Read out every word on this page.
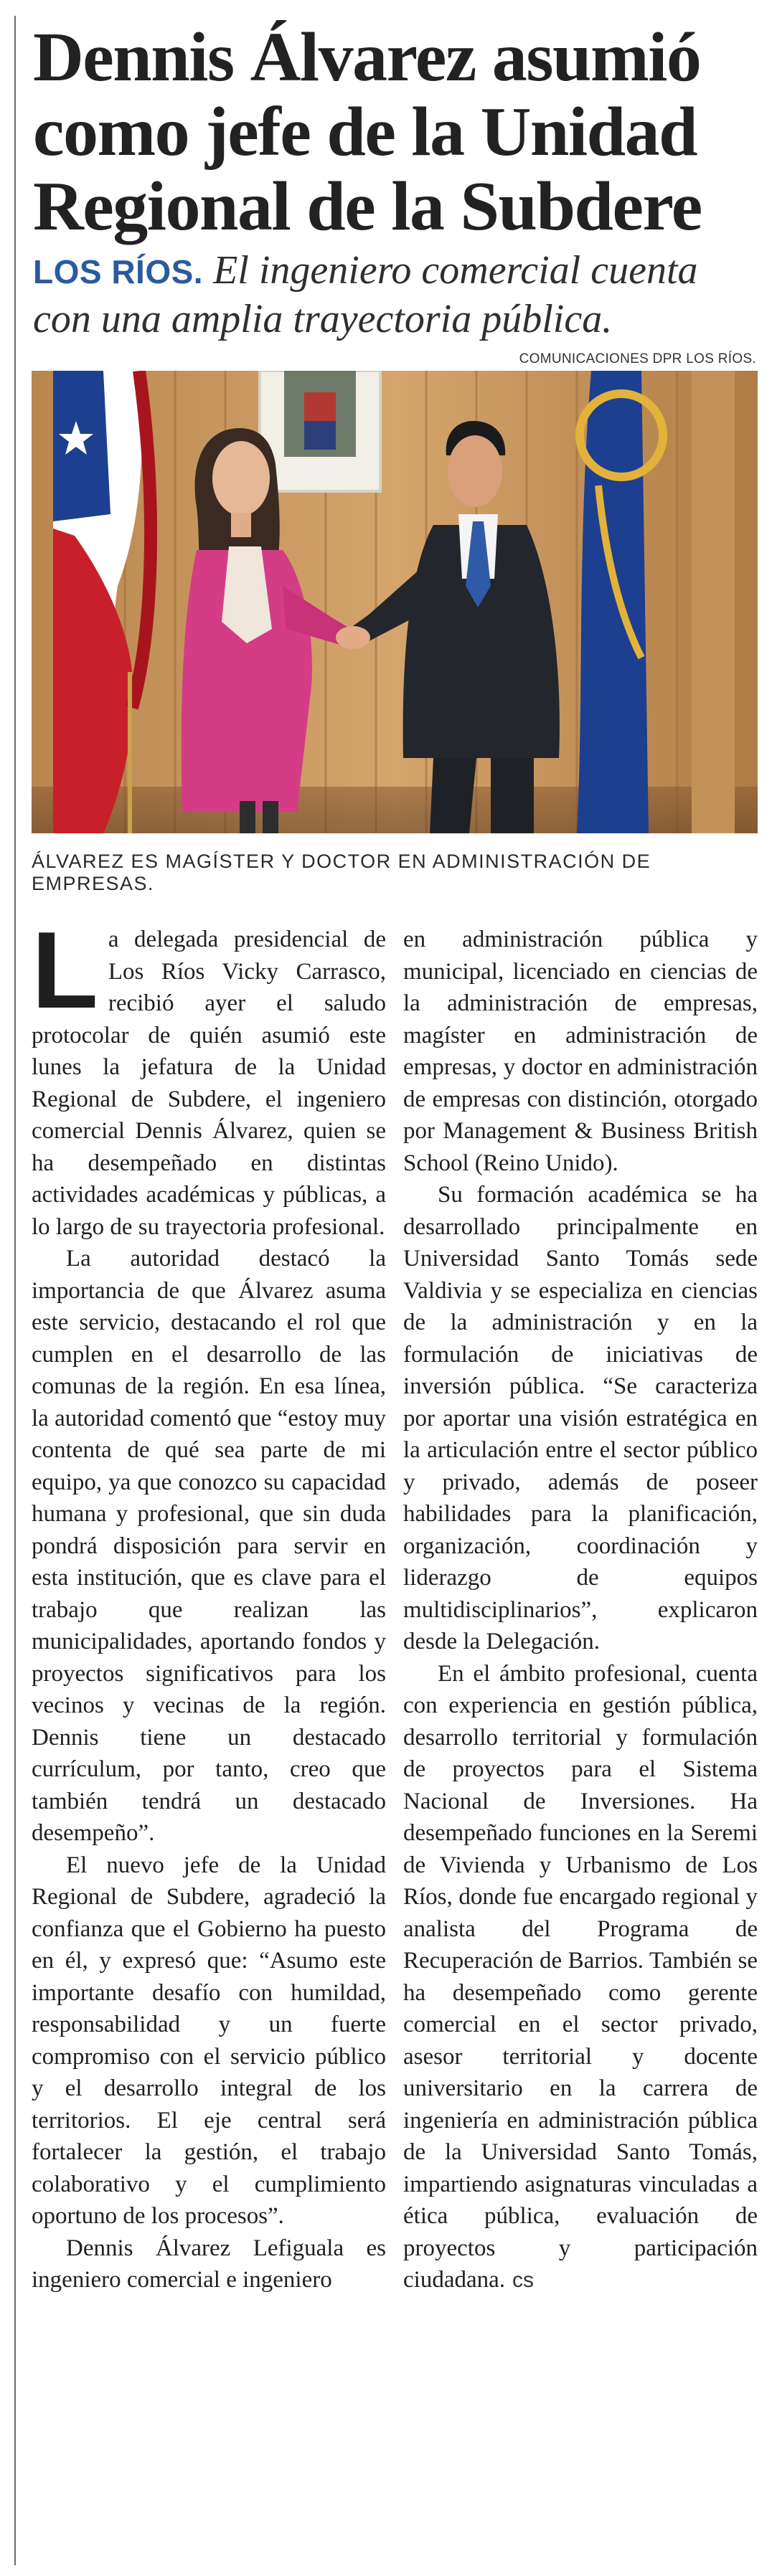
Dennis Álvarez asumió como jefe de la Unidad Regional de la Subdere
LOS RÍOS. El ingeniero comercial cuenta con una amplia trayectoria pública.
COMUNICACIONES DPR LOS RÍOS.
ÁLVAREZ ES MAGÍSTER Y DOCTOR EN ADMINISTRACIÓN DE EMPRESAS.

La delegada presidencial de Los Ríos Vicky Carrasco, recibió ayer el saludo protocolar de quién asumió este lunes la jefatura de la Unidad Regional de Subdere, el ingeniero comercial Dennis Álvarez, quien se ha desempeñado en distintas actividades académicas y públicas, a lo largo de su trayectoria profesional.

La autoridad destacó la importancia de que Álvarez asuma este servicio, destacando el rol que cumplen en el desarrollo de las comunas de la región. En esa línea, la autoridad comentó que “estoy muy contenta de qué sea parte de mi equipo, ya que conozco su capacidad humana y profesional, que sin duda pondrá disposición para servir en esta institución, que es clave para el trabajo que realizan las municipalidades, aportando fondos y proyectos significativos para los vecinos y vecinas de la región. Dennis tiene un destacado currículum, por tanto, creo que también tendrá un destacado desempeño”.

El nuevo jefe de la Unidad Regional de Subdere, agradeció la confianza que el Gobierno ha puesto en él, y expresó que: “Asumo este importante desafío con humildad, responsabilidad y un fuerte compromiso con el servicio público y el desarrollo integral de los territorios. El eje central será fortalecer la gestión, el trabajo colaborativo y el cumplimiento oportuno de los procesos”.

Dennis Álvarez Lefiguala es ingeniero comercial e ingeniero

en administración pública y municipal, licenciado en ciencias de la administración de empresas, magíster en administración de empresas, y doctor en administración de empresas con distinción, otorgado por Management & Business British School (Reino Unido).

Su formación académica se ha desarrollado principalmente en Universidad Santo Tomás sede Valdivia y se especializa en ciencias de la administración y en la formulación de iniciativas de inversión pública. “Se caracteriza por aportar una visión estratégica en la articulación entre el sector público y privado, además de poseer habilidades para la planificación, organización, coordinación y liderazgo de equipos multidisciplinarios”, explicaron desde la Delegación.

En el ámbito profesional, cuenta con experiencia en gestión pública, desarrollo territorial y formulación de proyectos para el Sistema Nacional de Inversiones. Ha desempeñado funciones en la Seremi de Vivienda y Urbanismo de Los Ríos, donde fue encargado regional y analista del Programa de Recuperación de Barrios. También se ha desempeñado como gerente comercial en el sector privado, asesor territorial y docente universitario en la carrera de ingeniería en administración pública de la Universidad Santo Tomás, impartiendo asignaturas vinculadas a ética pública, evaluación de proyectos y participación ciudadana. cs
